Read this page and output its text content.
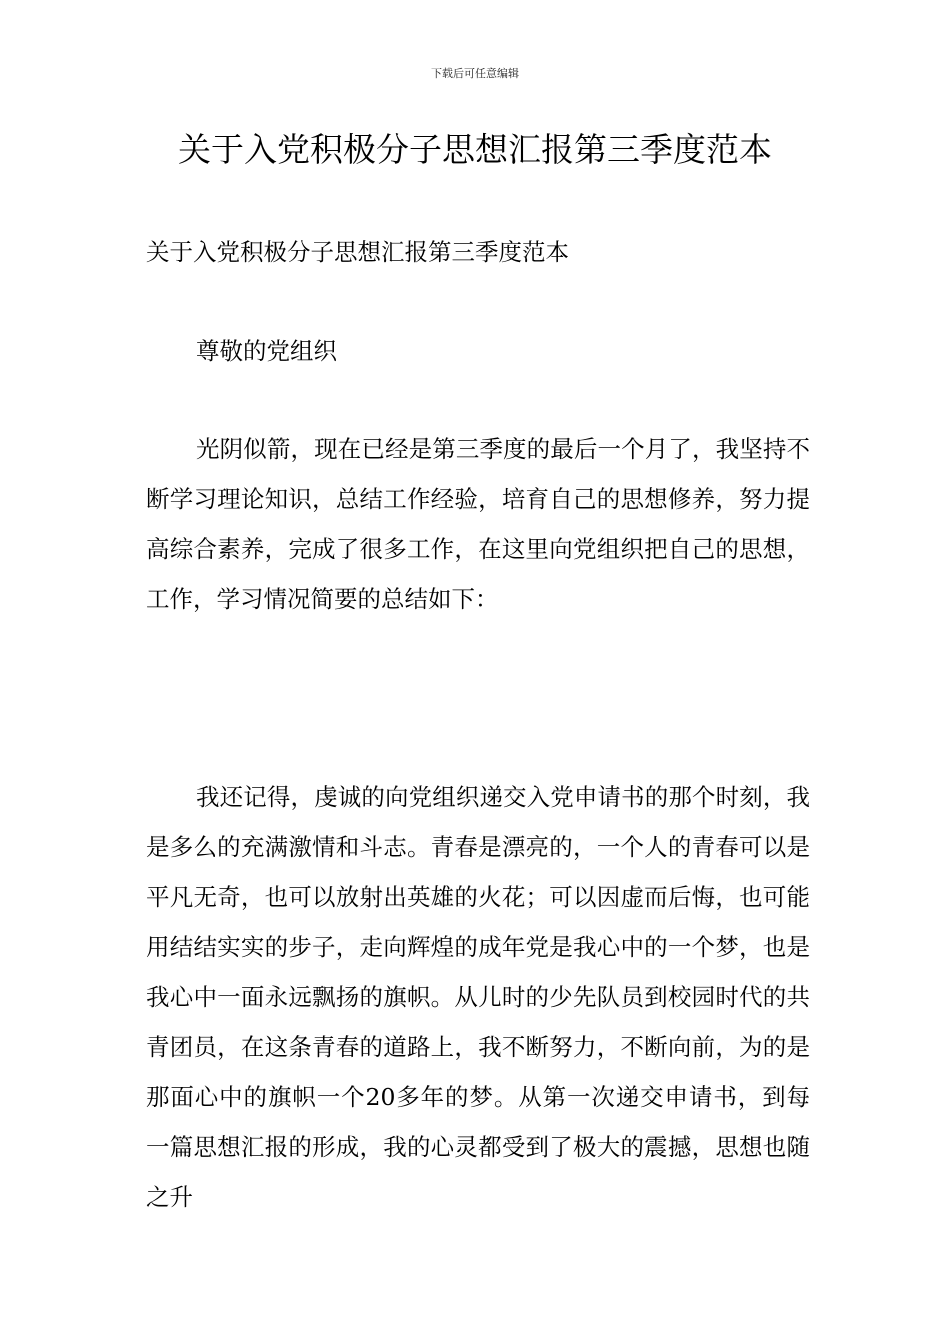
下载后可任意编辑
关于入党积极分子思想汇报第三季度范本

关于入党积极分子思想汇报第三季度范本

尊敬的党组织

光阴似箭，现在已经是第三季度的最后一个月了，我坚持不断学习理论知识，总结工作经验，培育自己的思想修养，努力提高综合素养，完成了很多工作，在这里向党组织把自己的思想，工作，学习情况简要的总结如下：

我还记得，虔诚的向党组织递交入党申请书的那个时刻，我是多么的充满激情和斗志。青春是漂亮的，一个人的青春可以是平凡无奇，也可以放射出英雄的火花；可以因虚而后悔，也可能用结结实实的步子，走向辉煌的成年党是我心中的一个梦，也是我心中一面永远飘扬的旗帜。从儿时的少先队员到校园时代的共青团员，在这条青春的道路上，我不断努力，不断向前，为的是那面心中的旗帜一个20多年的梦。从第一次递交申请书，到每一篇思想汇报的形成，我的心灵都受到了极大的震撼，思想也随之升
